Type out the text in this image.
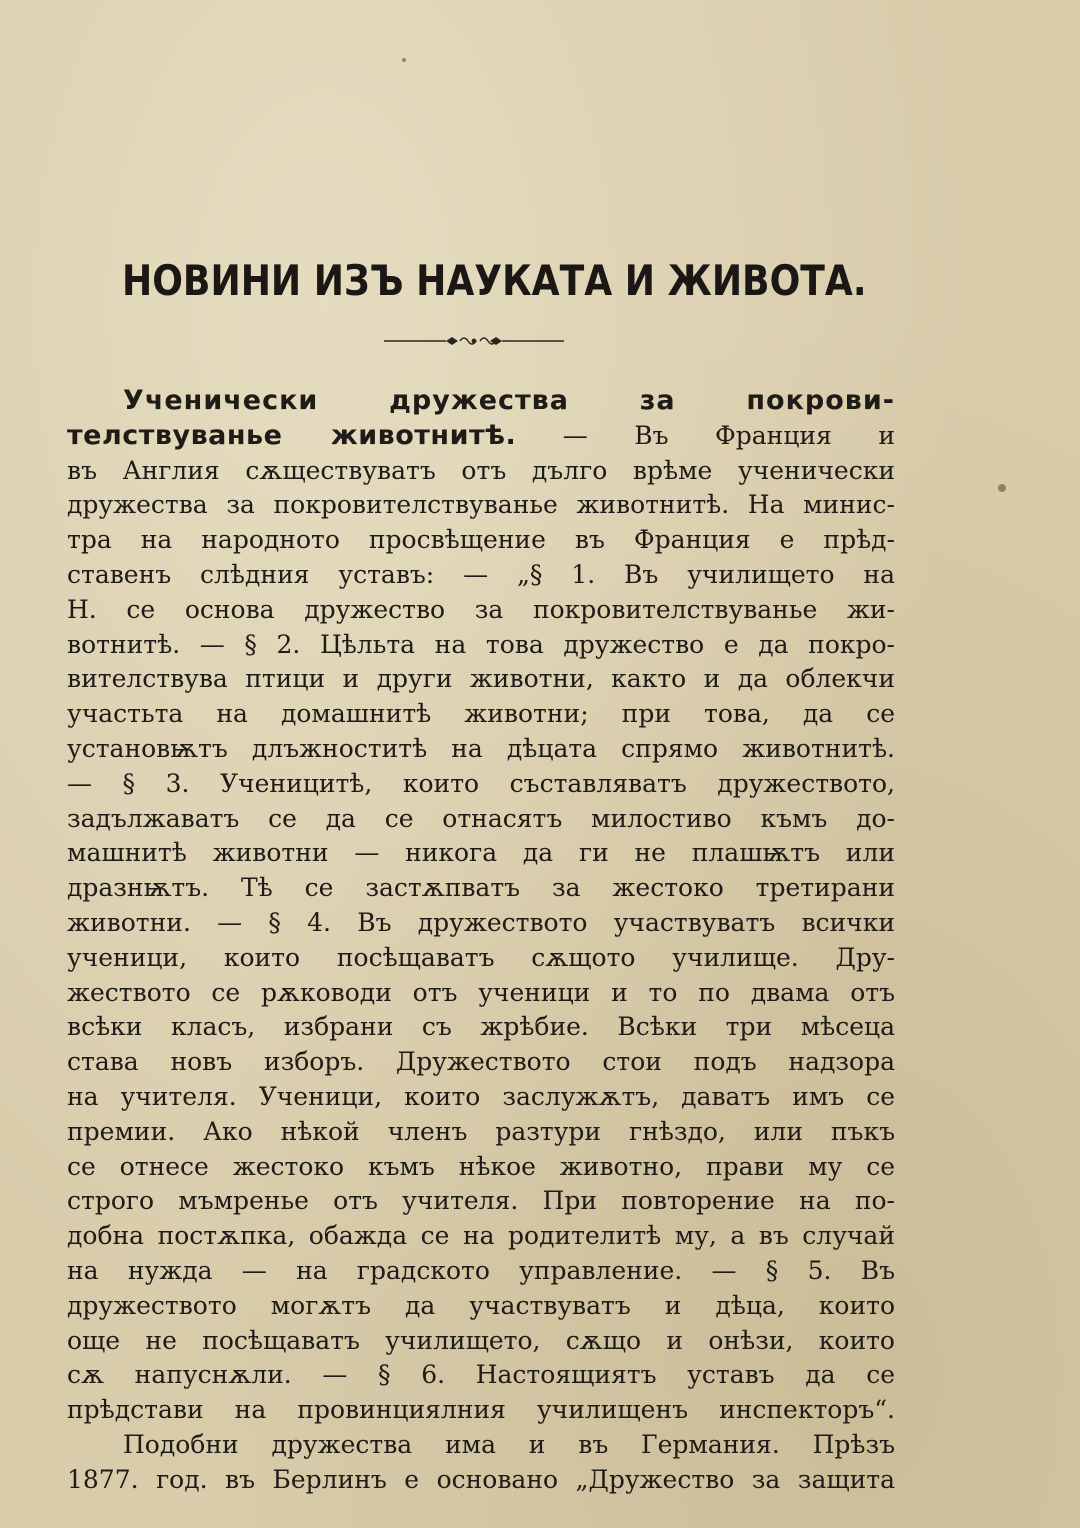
НОВИНИ ИЗЪ НАУКАТА И ЖИВОТА.
Ученически дружества за покрови-
телствуванье животнитѣ. — Въ Франция и
въ Англия сѫществуватъ отъ дълго врѣме ученически
дружества за покровителствуванье животнитѣ. На минис-
тра на народното просвѣщение въ Франция е прѣд-
ставенъ слѣдния уставъ: — „§ 1. Въ училището на
Н. се основа дружество за покровителствуванье жи-
вотнитѣ. — § 2. Цѣльта на това дружество е да покро-
вителствува птици и други животни, както и да облекчи
участьта на домашнитѣ животни; при това, да се
установѭтъ длъжноститѣ на дѣцата спрямо животнитѣ.
— § 3. Ученицитѣ, които съставляватъ дружеството,
задължаватъ се да се отнасятъ милостиво къмъ до-
машнитѣ животни — никога да ги не плашѭтъ или
дразнѭтъ. Тѣ се застѫпватъ за жестоко третирани
животни. — § 4. Въ дружеството участвуватъ всички
ученици, които посѣщаватъ сѫщото училище. Дру-
жеството се рѫководи отъ ученици и то по двама отъ
всѣки класъ, избрани съ жрѣбие. Всѣки три мѣсеца
става новъ изборъ. Дружеството стои подъ надзора
на учителя. Ученици, които заслужѫтъ, даватъ имъ се
премии. Ако нѣкой членъ разтури гнѣздо, или пъкъ
се отнесе жестоко къмъ нѣкое животно, прави му се
строго мъмренье отъ учителя. При повторение на по-
добна постѫпка, обажда се на родителитѣ му, а въ случай
на нужда — на градското управление. — § 5. Въ
дружеството могѫтъ да участвуватъ и дѣца, които
още не посѣщаватъ училището, сѫщо и онѣзи, които
сѫ напуснѫли. — § 6. Настоящиятъ уставъ да се
прѣдстави на провинциялния училищенъ инспекторъ“.
Подобни дружества има и въ Германия. Прѣзъ
1877. год. въ Берлинъ е основано „Дружество за защита
